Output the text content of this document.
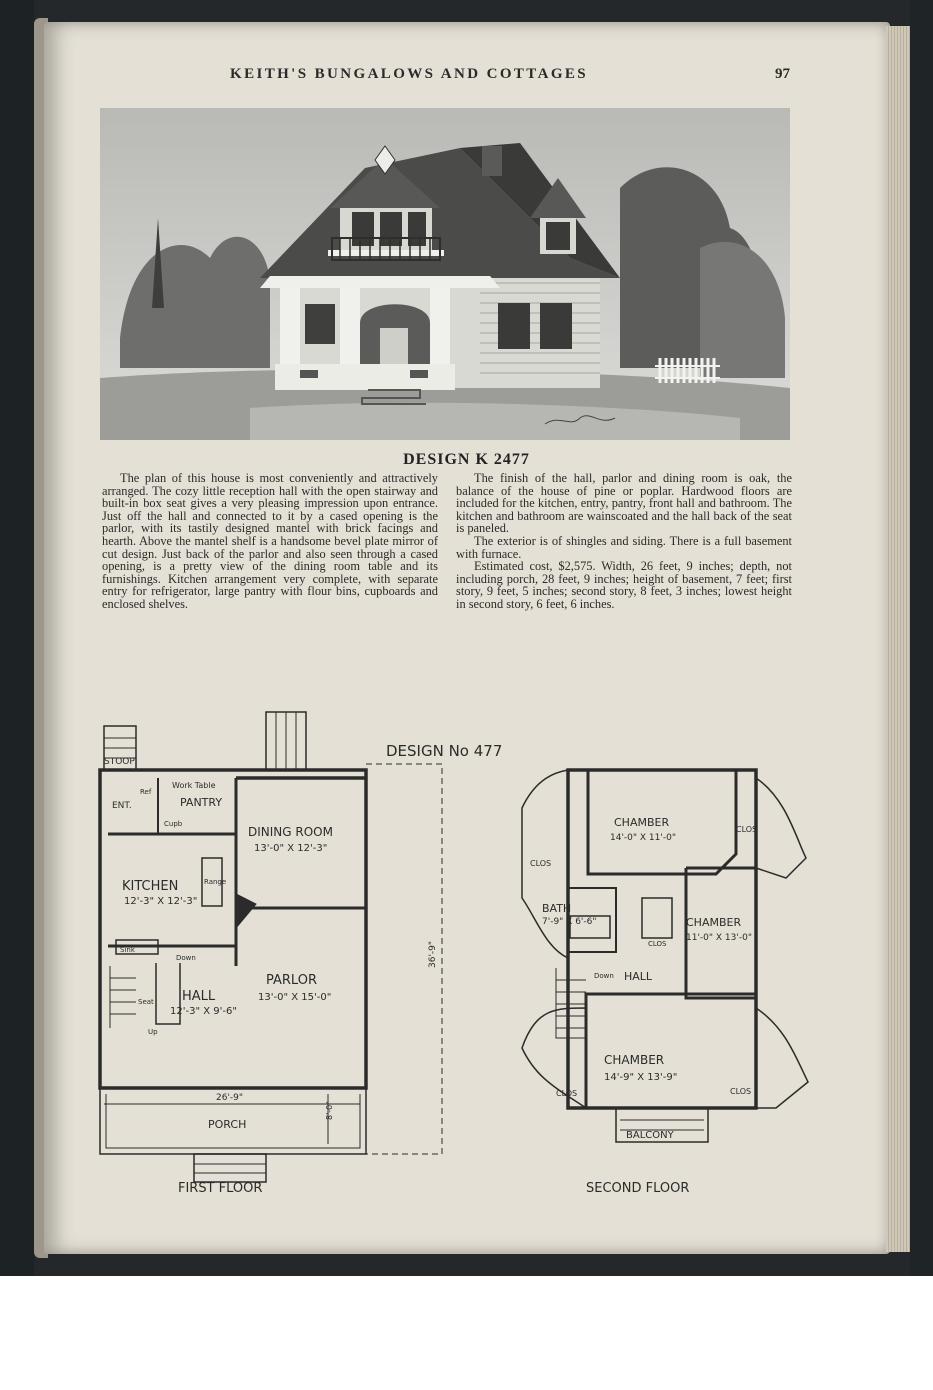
KEITH'S BUNGALOWS AND COTTAGES	97
DESIGN K 2477

The plan of this house is most conveniently and attractively arranged. The cozy little reception hall with the open stairway and built-in box seat gives a very pleasing impression upon entrance. Just off the hall and connected to it by a cased opening is the parlor, with its tastily designed mantel with brick facings and hearth. Above the mantel shelf is a handsome bevel plate mirror of cut design. Just back of the parlor and also seen through a cased opening, is a pretty view of the dining room table and its furnishings. Kitchen arrangement very complete, with separate entry for refrigerator, large pantry with flour bins, cupboards and enclosed shelves.

The finish of the hall, parlor and dining room is oak, the balance of the house of pine or poplar. Hardwood floors are included for the kitchen, entry, pantry, front hall and bathroom. The kitchen and bathroom are wainscoated and the hall back of the seat is paneled.

The exterior is of shingles and siding. There is a full basement with furnace.

Estimated cost, $2,575. Width, 26 feet, 9 inches; depth, not including porch, 28 feet, 9 inches; height of basement, 7 feet; first story, 9 feet, 5 inches; second story, 8 feet, 3 inches; lowest height in second story, 6 feet, 6 inches.

DESIGN No 477
STOOP
ENT.
Ref
Work Table
PANTRY
Cupb
DINING ROOM
13'-0" X 12'-3"
KITCHEN
12'-3" X 12'-3"
Range
Sink
Down
PARLOR
13'-0" X 15'-0"
HALL
12'-3" X 9'-6"
Seat
Up
PORCH
26'-9"
36'-9"
8'-0"
FIRST FLOOR
CHAMBER
14'-0" X 11'-0"
CHAMBER
11'-0" X 13'-0"
CHAMBER
14'-9" X 13'-9"
BATH
7'-9" X 6'-6"
CLOS
CLOS
CLOS
CLOS	CLOS
HALL
Down
BALCONY
SECOND FLOOR
